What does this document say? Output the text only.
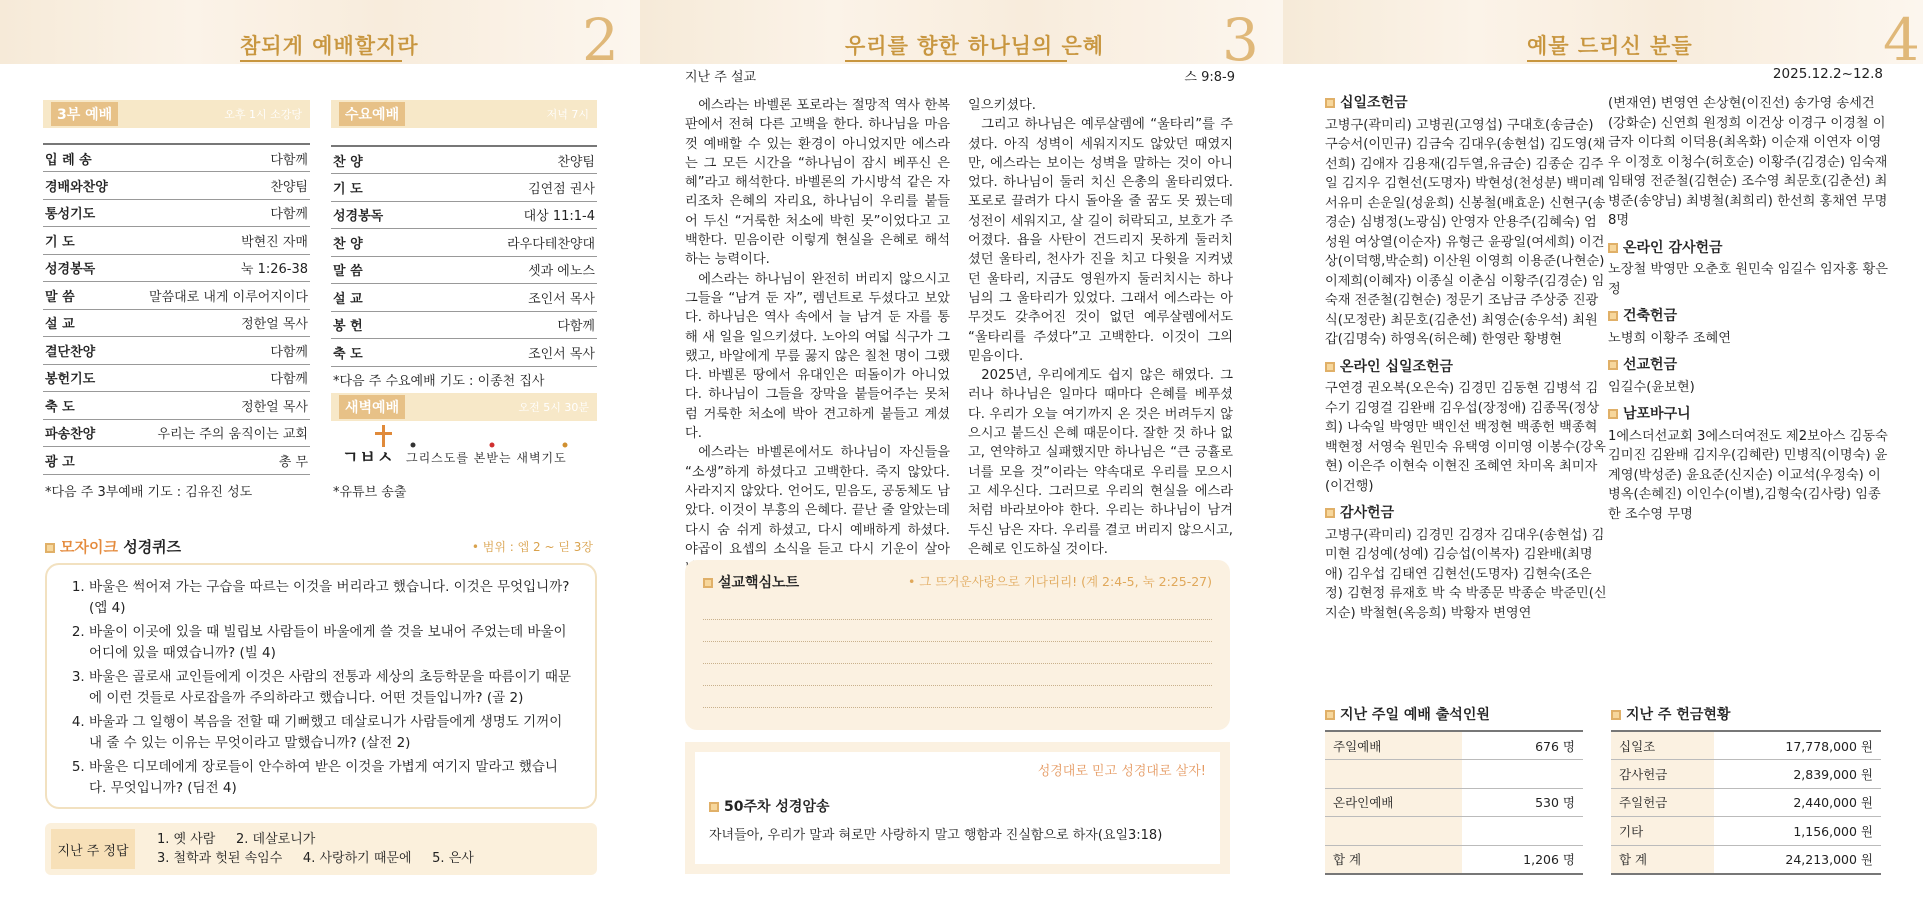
참되게 예배할지라	2
3부 예배	오후 1시 소강당
입 례 송	다함께
경배와찬양	찬양팀
통성기도	다함께
기 도	박현진 자매
성경봉독	눅 1:26-38
말 씀	말씀대로 내게 이루어지이다
설 교	정한얼 목사
결단찬양	다함께
봉헌기도	다함께
축 도	정한얼 목사
파송찬양	우리는 주의 움직이는 교회
광 고	총 무
*다음 주 3부예배 기도 : 김유진 성도
수요예배	저녁 7시
찬 양	찬양팀
기 도	김연점 권사
성경봉독	대상 11:1-4
찬 양	라우다테찬양대
말 씀	셋과 에노스
설 교	조인서 목사
봉 헌	다함께
축 도	조인서 목사
*다음 주 수요예배 기도 : 이종천 집사
새벽예배	오전 5시 30분
ㄱㅂㅅ 그리스도를 본받는 새벽기도
*유튜브 송출
모자이크 성경퀴즈	• 범위 : 엡 2 ~ 딛 3장
1. 바울은 썩어져 가는 구습을 따르는 이것을 버리라고 했습니다. 이것은 무엇입니까? (엡 4)
2. 바울이 이곳에 있을 때 빌립보 사람들이 바울에게 쓸 것을 보내어 주었는데 바울이 어디에 있을 때였습니까? (빌 4)
3. 바울은 골로새 교인들에게 이것은 사람의 전통과 세상의 초등학문을 따름이기 때문에 이런 것들로 사로잡을까 주의하라고 했습니다. 어떤 것들입니까? (골 2)
4. 바울과 그 일행이 복음을 전할 때 기뻐했고 데살로니가 사람들에게 생명도 기꺼이 내 줄 수 있는 이유는 무엇이라고 말했습니까? (살전 2)
5. 바울은 디모데에게 장로들이 안수하여 받은 이것을 가볍게 여기지 말라고 했습니다. 무엇입니까? (딤전 4)
지난 주 정답
1. 옛 사람     2. 데살로니가
3. 철학과 헛된 속임수     4. 사랑하기 때문에     5. 은사
우리를 향한 하나님의 은혜 3
지난 주 설교	스 9:8-9

에스라는 바벨론 포로라는 절망적 역사 한복판에서 전혀 다른 고백을 한다. 하나님을 마음껏 예배할 수 있는 환경이 아니었지만 에스라는 그 모든 시간을 “하나님이 잠시 베푸신 은혜”라고 해석한다. 바벨론의 가시방석 같은 자리조차 은혜의 자리요, 하나님이 우리를 붙들어 두신 “거룩한 처소에 박힌 못”이었다고 고백한다. 믿음이란 이렇게 현실을 은혜로 해석하는 능력이다.

에스라는 하나님이 완전히 버리지 않으시고 그들을 “남겨 둔 자”, 렘넌트로 두셨다고 보았다. 하나님은 역사 속에서 늘 남겨 둔 자를 통해 새 일을 일으키셨다. 노아의 여덟 식구가 그랬고, 바알에게 무릎 꿇지 않은 칠천 명이 그랬다. 바벨론 땅에서 유대인은 떠돌이가 아니었다. 하나님이 그들을 장막을 붙들어주는 못처럼 거룩한 처소에 박아 견고하게 붙들고 계셨다.

에스라는 바벨론에서도 하나님이 자신들을 “소생”하게 하셨다고 고백한다. 죽지 않았다. 사라지지 않았다. 언어도, 믿음도, 공동체도 남았다. 이것이 부흥의 은혜다. 끝난 줄 알았는데 다시 숨 쉬게 하셨고, 다시 예배하게 하셨다. 야곱이 요셉의 소식을 듣고 다시 기운이 살아

일으키셨다.

그리고 하나님은 예루살렘에 “울타리”를 주셨다. 아직 성벽이 세워지지도 않았던 때였지만, 에스라는 보이는 성벽을 말하는 것이 아니었다. 하나님이 둘러 치신 은총의 울타리였다. 포로로 끌려가 다시 돌아올 줄 꿈도 못 꿨는데 성전이 세워지고, 살 길이 허락되고, 보호가 주어졌다. 욥을 사탄이 건드리지 못하게 둘러치셨던 울타리, 천사가 진을 치고 다윗을 지켜냈던 울타리, 지금도 영원까지 둘러치시는 하나님의 그 울타리가 있었다. 그래서 에스라는 아무것도 갖추어진 것이 없던 예루살렘에서도 “울타리를 주셨다”고 고백한다. 이것이 그의 믿음이다.

2025년, 우리에게도 쉽지 않은 해였다. 그러나 하나님은 일마다 때마다 은혜를 베푸셨다. 우리가 오늘 여기까지 온 것은 버려두지 않으시고 붙드신 은혜 때문이다. 잘한 것 하나 없고, 연약하고 실패했지만 하나님은 “큰 긍휼로 너를 모을 것”이라는 약속대로 우리를 모으시고 세우신다. 그러므로 우리의 현실을 에스라처럼 바라보아야 한다. 우리는 하나님이 남겨 두신 남은 자다. 우리를 결코 버리지 않으시고, 은혜로 인도하실 것이다.

설교핵심노트	• 그 뜨거운사랑으로 기다리리! (계 2:4-5, 눅 2:25-27)
성경대로 믿고 성경대로 살자!
50주차 성경암송
자녀들아, 우리가 말과 혀로만 사랑하지 말고 행함과 진실함으로 하자(요일3:18)
예물 드리신 분들	4
2025.12.2~12.8
십일조헌금
고병구(곽미리) 고병권(고영섭) 구대호(송금순) 구승서(이민규) 김금숙 김대우(송현섭) 김도영(채선희) 김애자 김용재(김두열,유금순) 김종순 김주일 김지우 김현선(도명자) 박현성(천성분) 백미례 서유미 손운일(성윤희) 신봉철(배효운) 신현구(송경순) 심병정(노광심) 안영자 안용주(김혜숙) 엄성원 여상열(이순자) 유형근 윤광일(여세희) 이건상(이덕행,박순희) 이산원 이영희 이용준(나현순) 이제희(이혜자) 이종실 이춘심 이황주(김경순) 임숙재 전준철(김현순) 정문기 조남금 주상중 진광식(모정란) 최문호(김춘선) 최영순(송우석) 최원갑(김명숙) 하영옥(허은혜) 한영란 황병현
온라인 십일조헌금
구연경 권오복(오은숙) 김경민 김동현 김병석 김수기 김영걸 김완배 김우섭(장정애) 김종목(정상희) 나숙일 박영만 백인선 백정현 백종헌 백종혁 백현정 서영숙 원민숙 유택영 이미영 이봉수(강옥현) 이은주 이현숙 이현진 조혜연 차미옥 최미자(이건행)
감사헌금
고병구(곽미리) 김경민 김경자 김대우(송현섭) 김미현 김성예(성예) 김승섭(이복자) 김완배(최명애) 김우섭 김태연 김현선(도명자) 김현숙(조은정) 김현정 류재호 박 숙 박종문 박종순 박준민(신지순) 박철현(옥응희) 박황자 변영연
(변재연) 변영연 손상현(이진선) 송가영 송세건(강화순) 신연희 원정희 이건상 이경구 이경철 이금자 이다희 이덕용(최옥화) 이순재 이연자 이영우 이정호 이청수(허호순) 이황주(김경순) 임숙재 임태영 전준철(김현순) 조수영 최문호(김춘선) 최병준(송양님) 최병철(최희리) 한선희 홍채연 무명 8명
온라인 감사헌금
노장철 박영만 오춘호 원민숙 임길수 임자홍 황은정
건축헌금
노병희 이황주 조혜연
선교헌금
임길수(윤보현)
남포바구니
1에스더선교회 3에스더여전도 제2보아스 김동숙 김미진 김완배 김지우(김혜란) 민병직(이명숙) 윤계영(박성준) 윤요준(신지순) 이교석(우정숙) 이병옥(손혜진) 이인수(이별),김형숙(김사랑) 임종한 조수영 무명
지난 주일 예배 출석인원
주일예배	676 명

온라인예배	530 명

합 계	1,206 명
지난 주 헌금현황
십일조	17,778,000 원
감사헌금	2,839,000 원
주일헌금	2,440,000 원
기타	1,156,000 원
합 계	24,213,000 원
